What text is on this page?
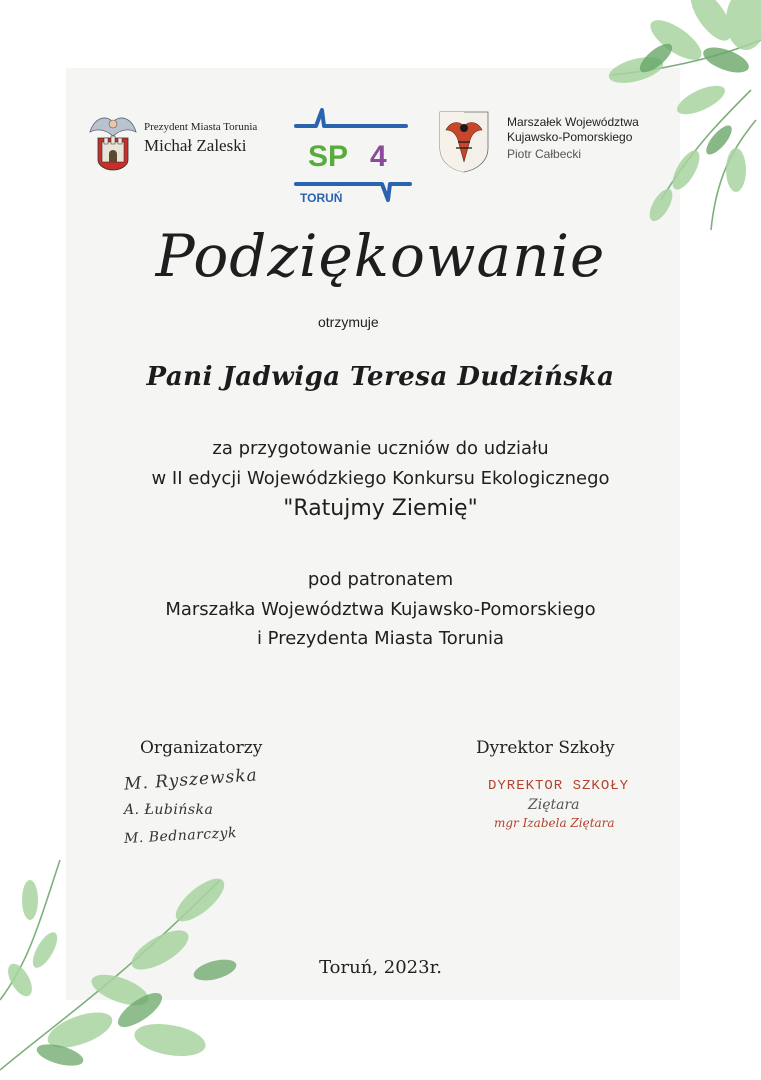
Prezydent Miasta Torunia
Michał Zaleski SP 4
TORUŃ
Marszałek Województwa
Kujawsko-Pomorskiego
Piotr Całbecki
Podziękowanie
otrzymuje
Pani Jadwiga Teresa Dudzińska
za przygotowanie uczniów do udziału
w II edycji Wojewódzkiego Konkursu Ekologicznego
"Ratujmy Ziemię"
pod patronatem
Marszałka Województwa Kujawsko-Pomorskiego
i Prezydenta Miasta Torunia
Organizatorzy	Dyrektor Szkoły
M. Ryszewska
A. Łubińska
M. Bednarczyk
DYREKTOR SZKOŁY
Ziętara
mgr Izabela Ziętara
Toruń, 2023r.
